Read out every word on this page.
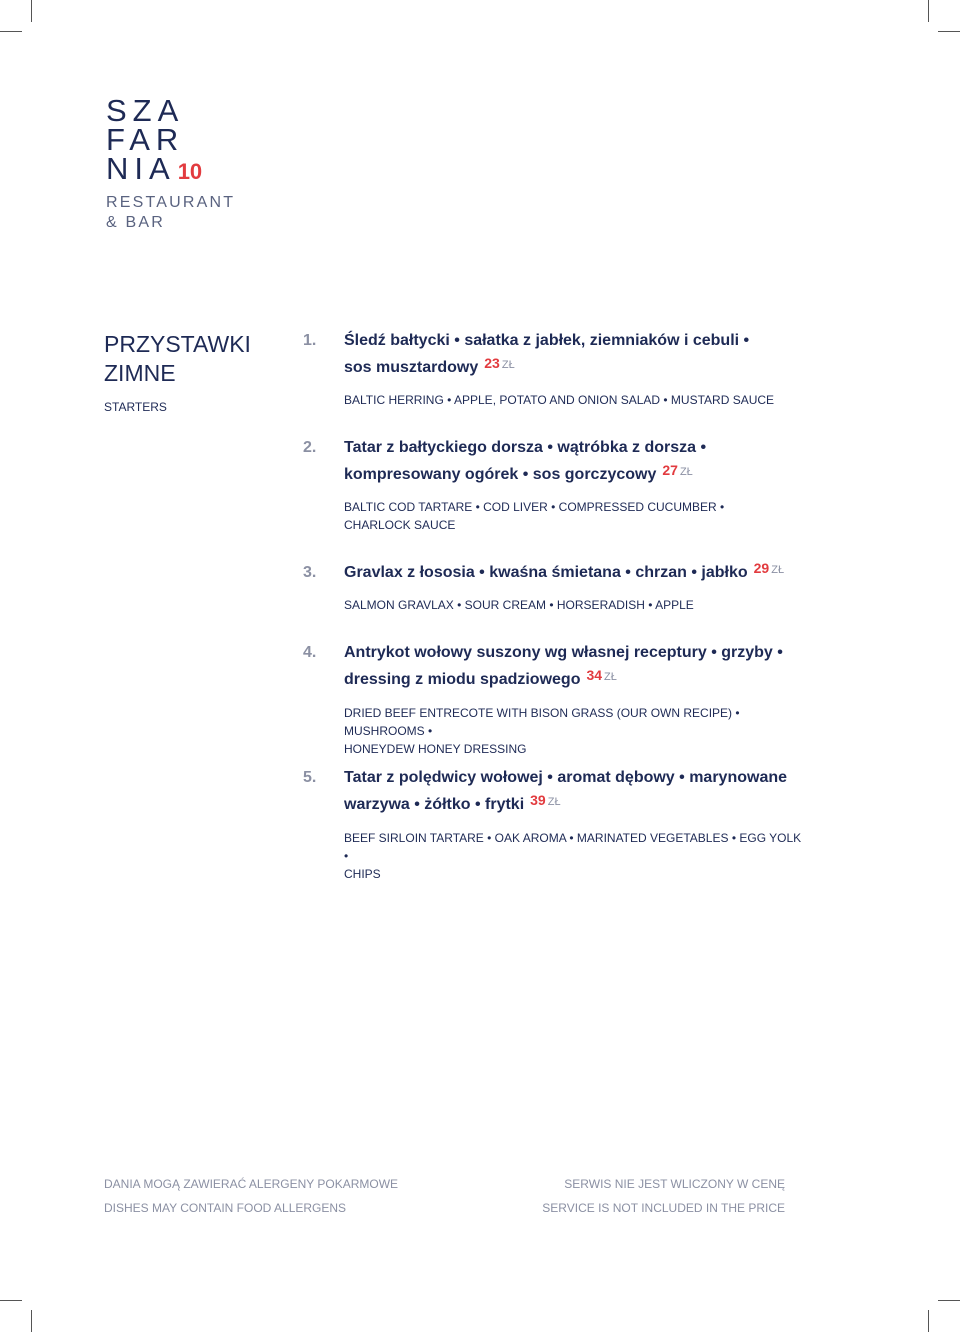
SZA
FAR
NIA10
RESTAURANT
& BAR
PRZYSTAWKI
ZIMNE
STARTERS
1. Śledź bałtycki • sałatka z jabłek, ziemniaków i cebuli •
sos musztardowy 23 $^{ZŁ}$
BALTIC HERRING • APPLE, POTATO AND ONION SALAD • MUSTARD SAUCE
2. Tatar z bałtyckiego dorsza • wątróbka z dorsza •
kompresowany ogórek • sos gorczycowy 27 $^{ZŁ}$
BALTIC COD TARTARE • COD LIVER • COMPRESSED CUCUMBER •
CHARLOCK SAUCE
3. Gravlax z łososia • kwaśna śmietana • chrzan • jabłko 29 $^{ZŁ}$
SALMON GRAVLAX • SOUR CREAM • HORSERADISH • APPLE
4. Antrykot wołowy suszony wg własnej receptury • grzyby •
dressing z miodu spadziowego 34 $^{ZŁ}$
DRIED BEEF ENTRECOTE WITH BISON GRASS (OUR OWN RECIPE) • MUSHROOMS •
HONEYDEW HONEY DRESSING
5. Tatar z polędwicy wołowej • aromat dębowy • marynowane
warzywa • żółtko • frytki 39 $^{ZŁ}$
BEEF SIRLOIN TARTARE • OAK AROMA • MARINATED VEGETABLES • EGG YOLK •
CHIPS
DANIA MOGĄ ZAWIERAĆ ALERGENY POKARMOWE
DISHES MAY CONTAIN FOOD ALLERGENS
SERWIS NIE JEST WLICZONY W CENĘ
SERVICE IS NOT INCLUDED IN THE PRICE
